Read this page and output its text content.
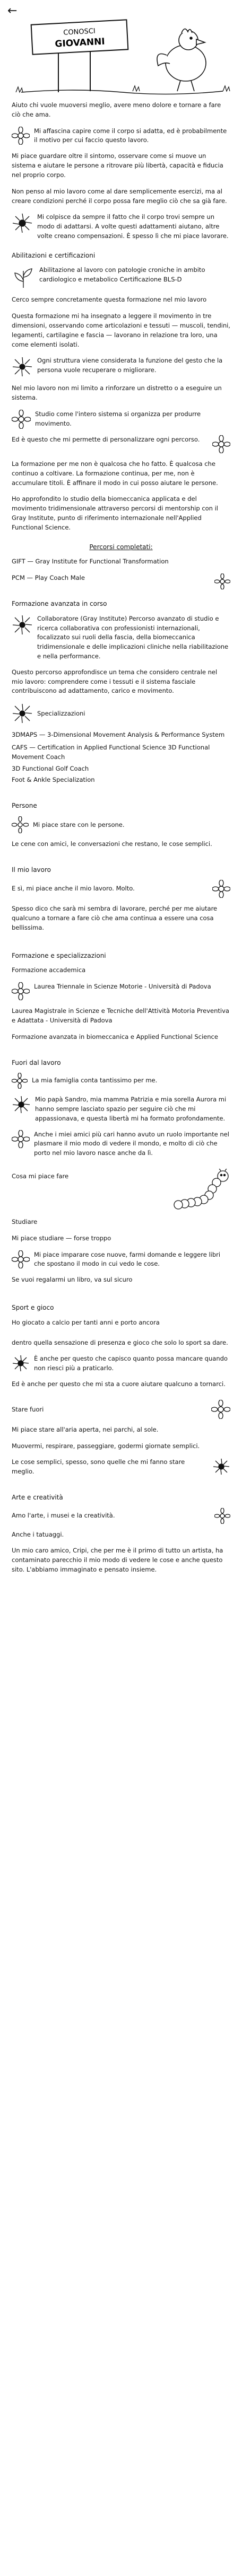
←
CONOSCI
GIOVANNI

Aiuto chi vuole muoversi meglio, avere meno dolore e tornare a fare ciò che ama.

Mi affascina capire come il corpo si adatta, ed è probabilmente il motivo per cui faccio questo lavoro.

Mi piace guardare oltre il sintomo, osservare come si muove un sistema e aiutare le persone a ritrovare più libertà, capacità e fiducia nel proprio corpo.

Non penso al mio lavoro come al dare semplicemente esercizi, ma al creare condizioni perché il corpo possa fare meglio ciò che sa già fare.

Mi colpisce da sempre il fatto che il corpo trovi sempre un modo di adattarsi. A volte questi adattamenti aiutano, altre volte creano compensazioni. È spesso lì che mi piace lavorare.

Abilitazioni e certificazioni

Abilitazione al lavoro con patologie croniche in ambito cardiologico e metabolico Certificazione BLS-D

Cerco sempre concretamente questa formazione nel mio lavoro

Questa formazione mi ha insegnato a leggere il movimento in tre dimensioni, osservando come articolazioni e tessuti — muscoli, tendini, legamenti, cartilagine e fascia — lavorano in relazione tra loro, una come elementi isolati.

Ogni struttura viene considerata la funzione del gesto che la persona vuole recuperare o migliorare.

Nel mio lavoro non mi limito a rinforzare un distretto o a eseguire un sistema.

Studio come l'intero sistema si organizza per produrre movimento.

Ed è questo che mi permette di personalizzare ogni percorso.

La formazione per me non è qualcosa che ho fatto. È qualcosa che continuo a coltivare. La formazione continua, per me, non è accumulare titoli. È affinare il modo in cui posso aiutare le persone.

Ho approfondito lo studio della biomeccanica applicata e del movimento tridimensionale attraverso percorsi di mentorship con il Gray Institute, punto di riferimento internazionale nell'Applied Functional Science.

Percorsi completati:

GIFT — Gray Institute for Functional Transformation

PCM — Play Coach Male

Formazione avanzata in corso

Collaboratore (Gray Institute) Percorso avanzato di studio e ricerca collaborativa con professionisti internazionali, focalizzato sui ruoli della fascia, della biomeccanica tridimensionale e delle implicazioni cliniche nella riabilitazione e nella performance.

Questo percorso approfondisce un tema che considero centrale nel mio lavoro: comprendere come i tessuti e il sistema fasciale contribuiscono ad adattamento, carico e movimento.

Specializzazioni

3DMAPS — 3-Dimensional Movement Analysis & Performance System

CAFS — Certification in Applied Functional Science 3D Functional Movement Coach

3D Functional Golf Coach

Foot & Ankle Specialization

Persone

Mi piace stare con le persone.

Le cene con amici, le conversazioni che restano, le cose semplici.

Il mio lavoro

E sì, mi piace anche il mio lavoro. Molto.

Spesso dico che sarà mi sembra di lavorare, perché per me aiutare qualcuno a tornare a fare ciò che ama continua a essere una cosa bellissima.

Formazione e specializzazioni

Formazione accademica

Laurea Triennale in Scienze Motorie - Università di Padova

Laurea Magistrale in Scienze e Tecniche dell'Attività Motoria Preventiva e Adattata - Università di Padova

Formazione avanzata in biomeccanica e Applied Functional Science

Fuori dal lavoro

La mia famiglia conta tantissimo per me.

Mio papà Sandro, mia mamma Patrizia e mia sorella Aurora mi hanno sempre lasciato spazio per seguire ciò che mi appassionava, e questa libertà mi ha formato profondamente.

Anche i miei amici più cari hanno avuto un ruolo importante nel plasmare il mio modo di vedere il mondo, e molto di ciò che porto nel mio lavoro nasce anche da lì.

Cosa mi piace fare

Studiare

Mi piace studiare — forse troppo

Mi piace imparare cose nuove, farmi domande e leggere libri che spostano il modo in cui vedo le cose.

Se vuoi regalarmi un libro, va sul sicuro

Sport e gioco

Ho giocato a calcio per tanti anni e porto ancora

dentro quella sensazione di presenza e gioco che solo lo sport sa dare.

È anche per questo che capisco quanto possa mancare quando non riesci più a praticarlo.

Ed è anche per questo che mi sta a cuore aiutare qualcuno a tornarci.

Stare fuori

Mi piace stare all'aria aperta, nei parchi, al sole.

Muovermi, respirare, passeggiare, godermi giornate semplici.

Le cose semplici, spesso, sono quelle che mi fanno stare meglio.

Arte e creatività

Amo l'arte, i musei e la creatività.

Anche i tatuaggi.

Un mio caro amico, Cripi, che per me è il primo di tutto un artista, ha contaminato parecchio il mio modo di vedere le cose e anche questo sito. L'abbiamo immaginato e pensato insieme.
